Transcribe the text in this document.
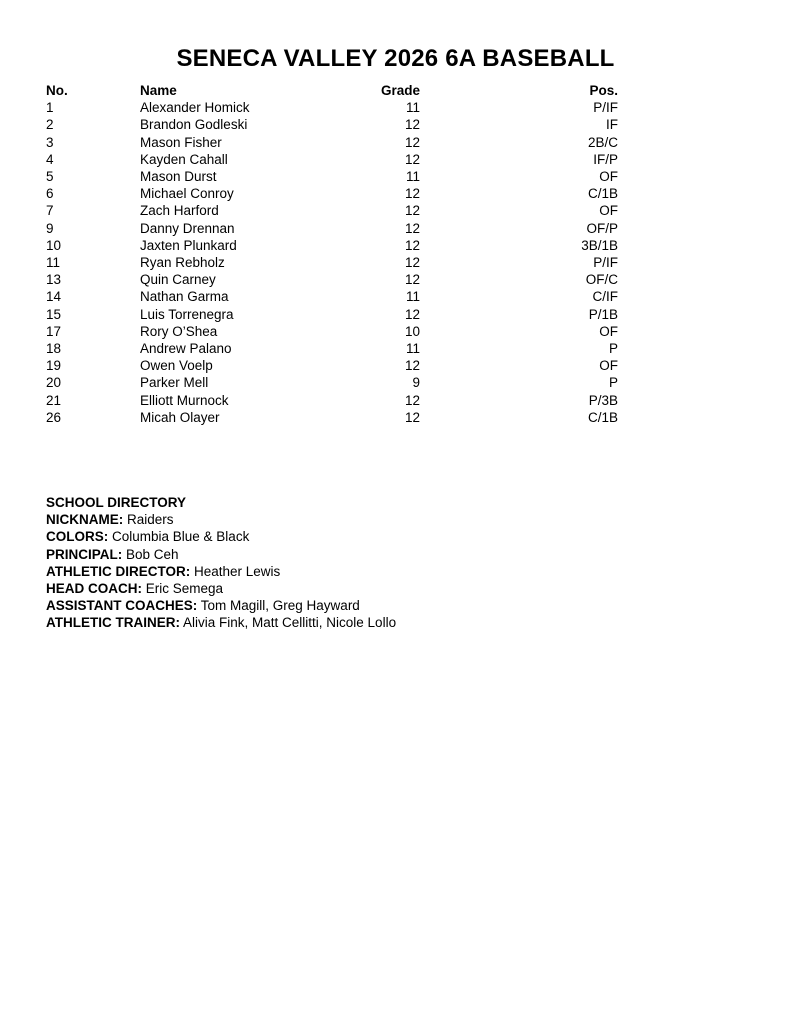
SENECA VALLEY 2026 6A BASEBALL
No.	Name	Grade	Pos.
1	Alexander Homick	11	P/IF
2	Brandon Godleski	12	IF
3	Mason Fisher	12	2B/C
4	Kayden Cahall	12	IF/P
5	Mason Durst	11	OF
6	Michael Conroy	12	C/1B
7	Zach Harford	12	OF
9	Danny Drennan	12	OF/P
10	Jaxten Plunkard	12	3B/1B
11	Ryan Rebholz	12	P/IF
13	Quin Carney	12	OF/C
14	Nathan Garma	11	C/IF
15	Luis Torrenegra	12	P/1B
17	Rory O’Shea	10	OF
18	Andrew Palano	11	P
19	Owen Voelp	12	OF
20	Parker Mell	9	P
21	Elliott Murnock	12	P/3B
26	Micah Olayer	12	C/1B
SCHOOL DIRECTORY
NICKNAME: Raiders
COLORS: Columbia Blue & Black
PRINCIPAL: Bob Ceh
ATHLETIC DIRECTOR: Heather Lewis
HEAD COACH: Eric Semega
ASSISTANT COACHES: Tom Magill, Greg Hayward
ATHLETIC TRAINER: Alivia Fink, Matt Cellitti, Nicole Lollo
